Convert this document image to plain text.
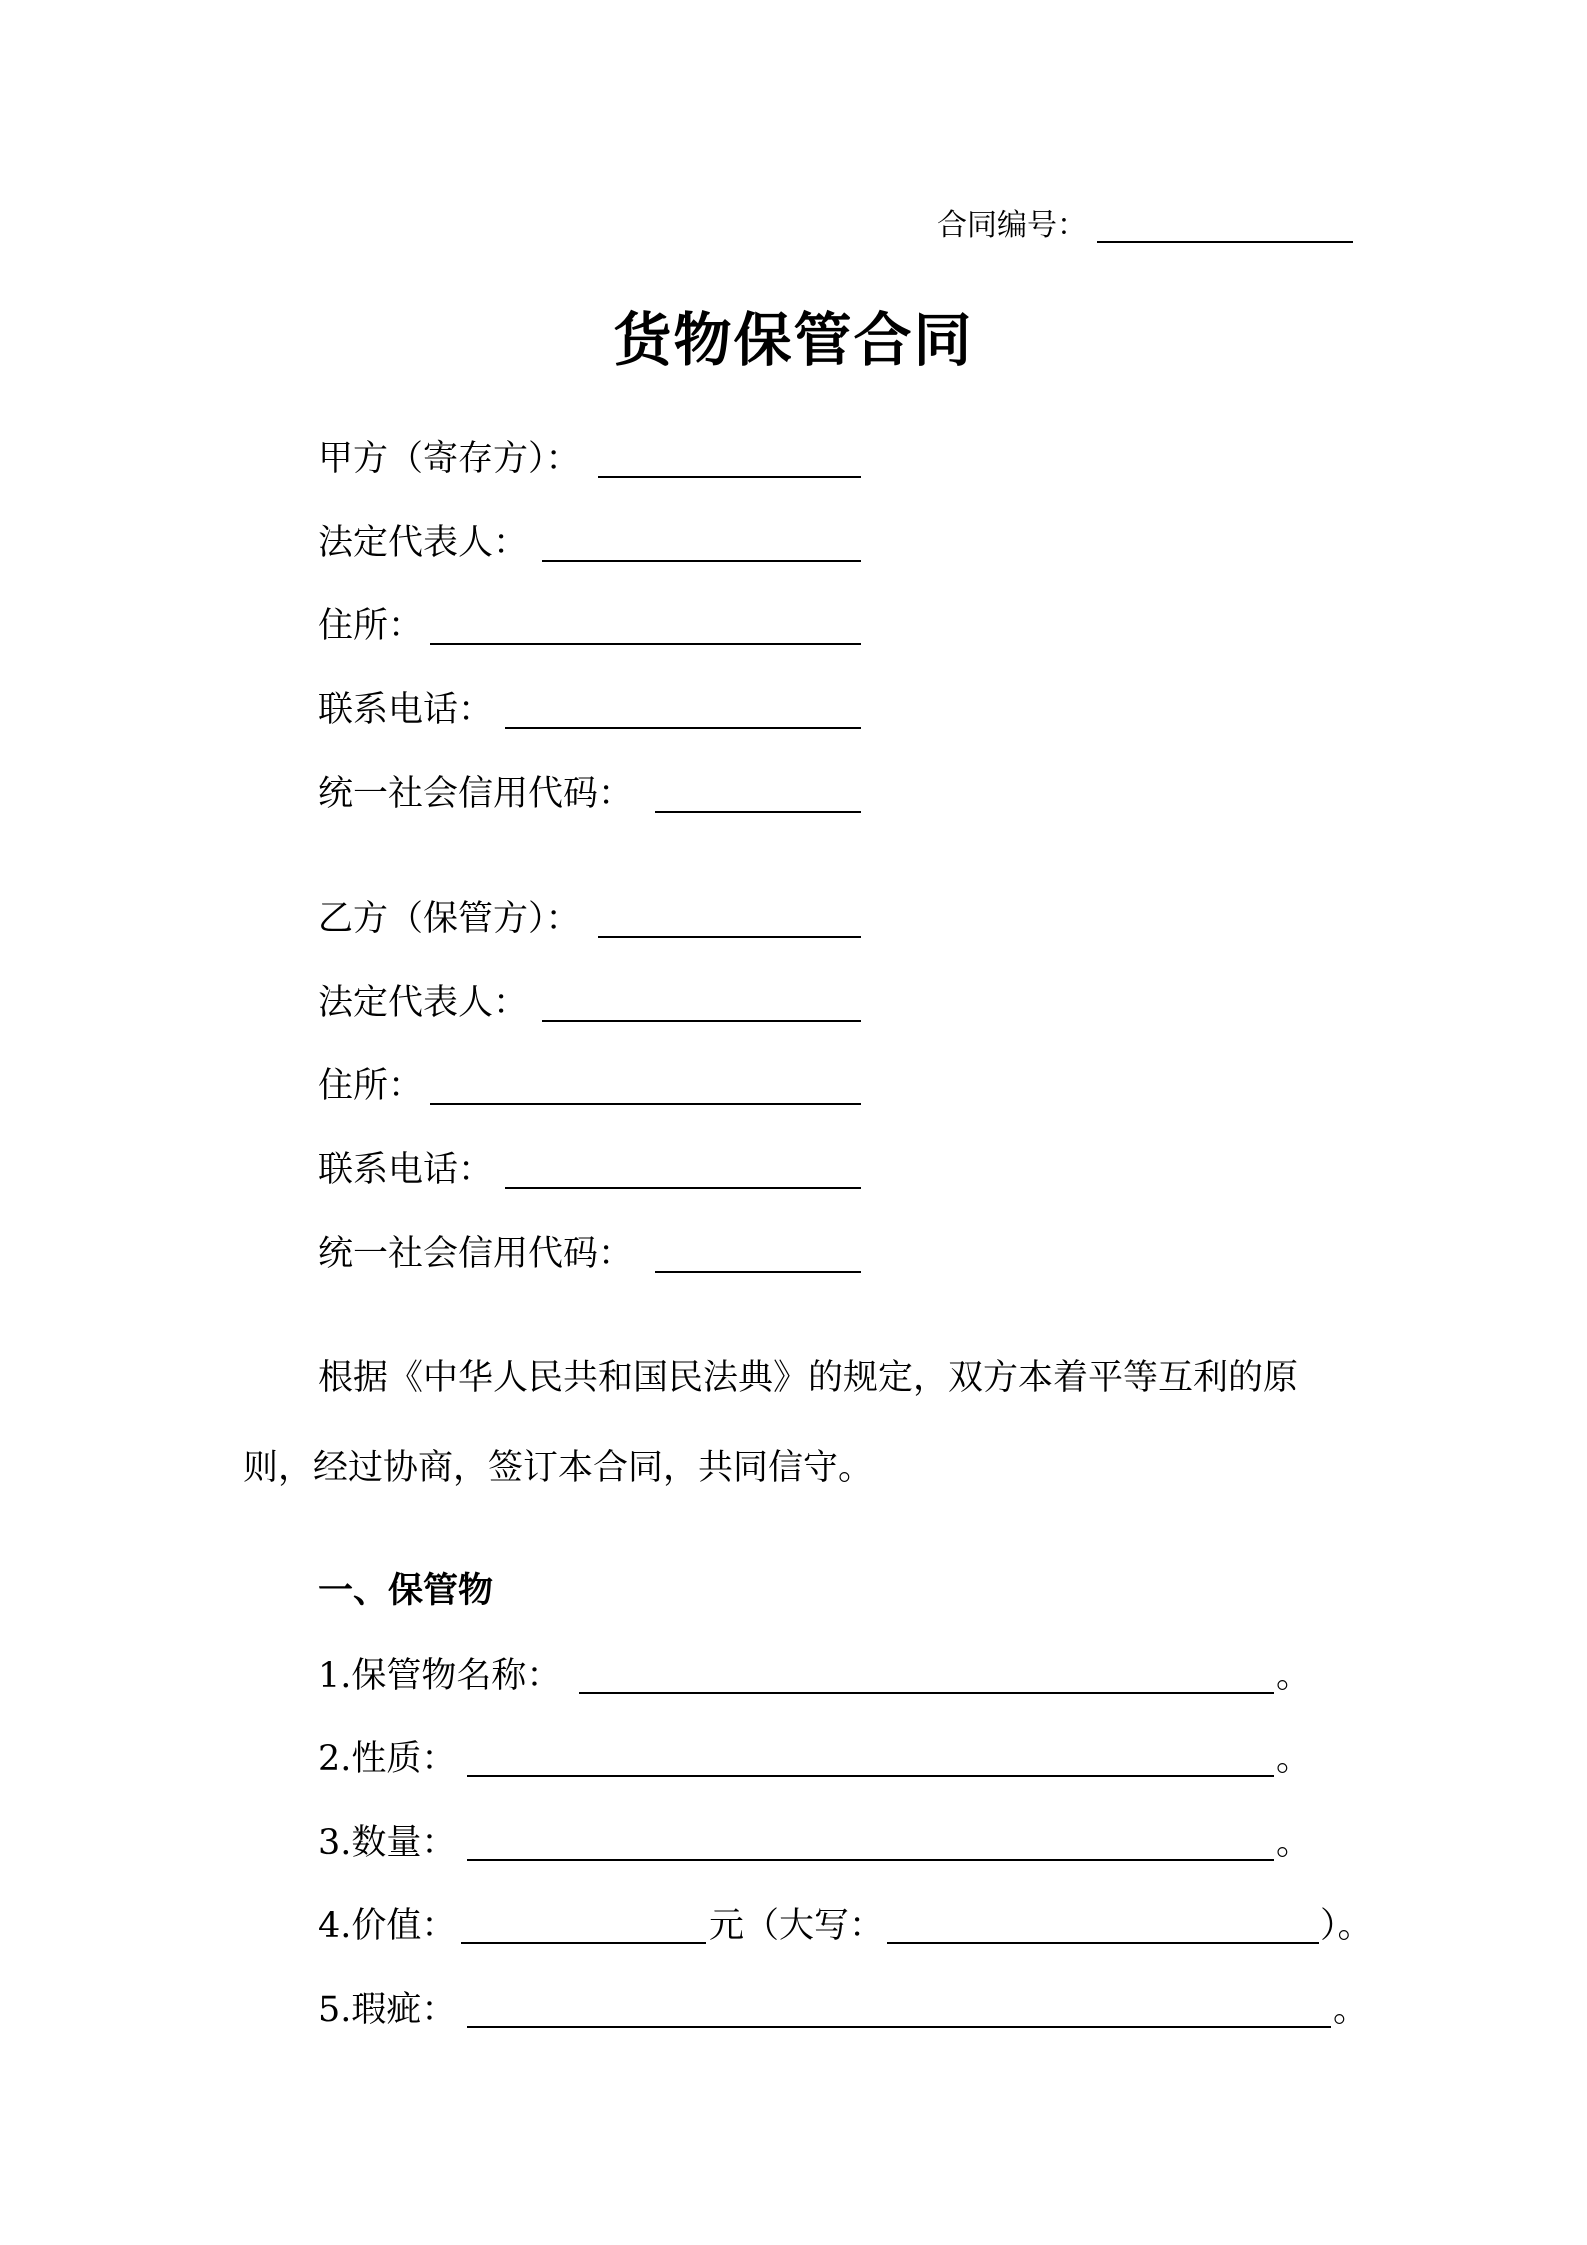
合同编号：
货物保管合同
甲方（寄存方）：
法定代表人：
住所：
联系电话：
统一社会信用代码：
乙方（保管方）：
法定代表人：
住所：
联系电话：
统一社会信用代码：
根据《中华人民共和国民法典》的规定，双方本着平等互利的原
则，经过协商，签订本合同，共同信守。
一、保管物
1.保管物名称：	。
2.性质：	。
3.数量：	。
4.价值：	元（大写：	）。
5.瑕疵：	。
